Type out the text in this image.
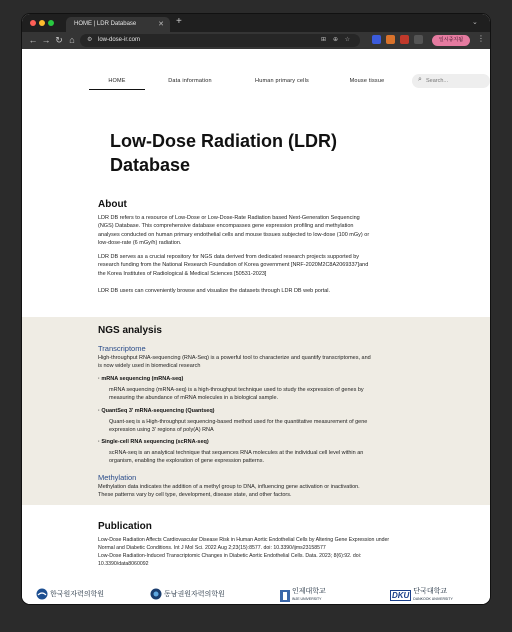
HOME | LDR Database	✕ +	⌄
← → ↻ ⌂	⚙ low-dose-ir.com	⊞ ⊕ ☆	일시중지됨	⋮
HOME	Data information	Human primary cells	Mouse tissue	⌕
Search...
Low-Dose Radiation (LDR)
Database
About
LDR DB refers to a resource of Low-Dose or Low-Dose-Rate Radiation based Next-Generation Sequencing
(NGS) Database. This comprehensive database encompasses gene expression profiling and methylation
analyses conducted on human primary endothelial cells and mouse tissues subjected to low-dose (100 mGy) or
low-dose-rate (6 mGy/h) radiation.
LDR DB serves as a crucial repository for NGS data derived from dedicated research projects supported by
research funding from the National Research Foundation of Korea government [NRF-2020M2C8A2069337]and
the Korea Institutes of Radiological & Medical Sciences [50531-2023]
LDR DB users can conveniently browse and visualize the datasets through LDR DB web portal.
NGS analysis
Transcriptome
High-throughput RNA-sequencing (RNA-Seq) is a powerful tool to characterize and quantify transcriptomes, and
is now widely used in biomedical research
· mRNA sequencing (mRNA-seq)
mRNA sequencing (mRNA-seq) is a high-throughput technique used to study the expression of genes by
measuring the abundance of mRNA molecules in a biological sample.
· QuantSeq 3' mRNA-sequencing (Quantseq)
Quant-seq is a High-throughput sequencing-based method used for the quantitative measurement of gene
expression using 3' regions of poly(A) RNA
· Single-cell RNA sequencing (scRNA-seq)
scRNA-seq is an analytical technique that sequences RNA molecules at the individual cell level within an
organism, enabling the exploration of gene expression patterns.
Methylation
Methylation data indicates the addition of a methyl group to DNA, influencing gene activation or inactivation.
These patterns vary by cell type, development, disease state, and other factors.
Publication
Low-Dose Radiation Affects Cardiovascular Disease Risk in Human Aortic Endothelial Cells by Altering Gene Expression under
Normal and Diabetic Conditions. Int J Mol Sci. 2022 Aug 2;23(15):8577. doi: 10.3390/ijms23158577
Low-Dose Radiation-Induced Transcriptomic Changes in Diabetic Aortic Endothelial Cells. Data. 2023; 8(6):92. doi:
10.3390/data8060092
한국원자력의학원	동남권원자력의학원	인제대학교
INJE UNIVERSITY	DKU 단국대학교
DANKOOK UNIVERSITY
